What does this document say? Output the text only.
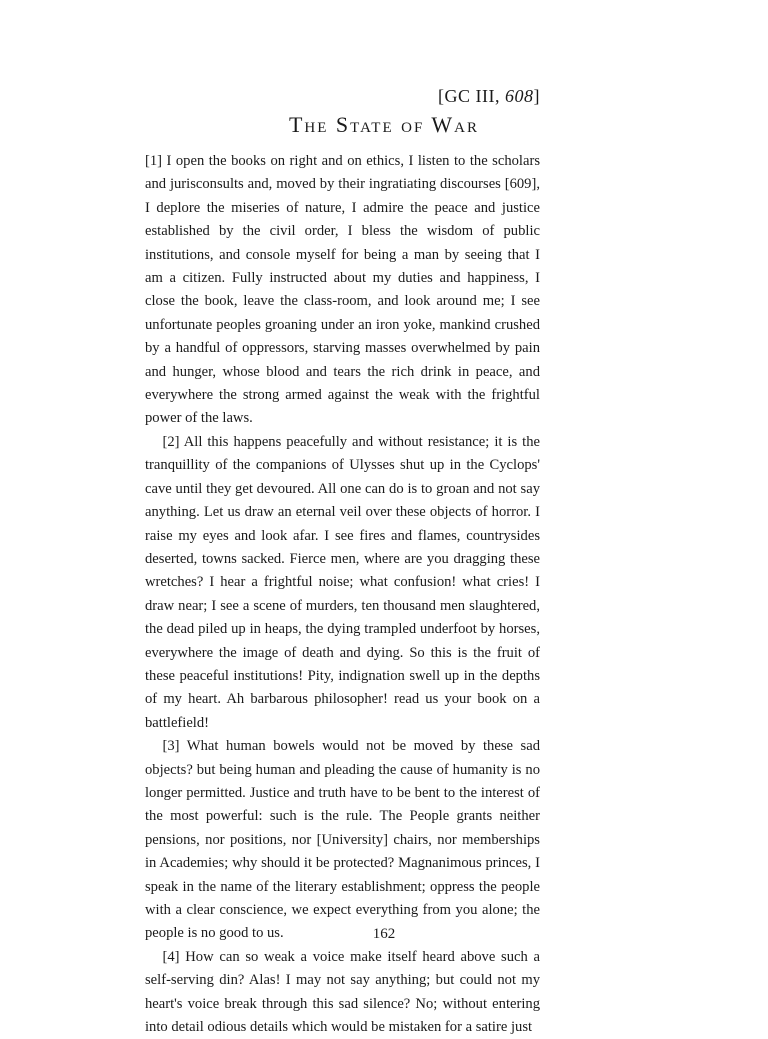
[GC III, 608]
The State of War

[1] I open the books on right and on ethics, I listen to the scholars and jurisconsults and, moved by their ingratiating discourses [609], I deplore the miseries of nature, I admire the peace and justice established by the civil order, I bless the wisdom of public institutions, and console myself for being a man by seeing that I am a citizen. Fully instructed about my duties and happiness, I close the book, leave the class-room, and look around me; I see unfortunate peoples groaning under an iron yoke, mankind crushed by a handful of oppressors, starving masses overwhelmed by pain and hunger, whose blood and tears the rich drink in peace, and everywhere the strong armed against the weak with the frightful power of the laws.

[2] All this happens peacefully and without resistance; it is the tranquillity of the companions of Ulysses shut up in the Cyclops' cave until they get devoured. All one can do is to groan and not say anything. Let us draw an eternal veil over these objects of horror. I raise my eyes and look afar. I see fires and flames, countrysides deserted, towns sacked. Fierce men, where are you dragging these wretches? I hear a frightful noise; what confusion! what cries! I draw near; I see a scene of murders, ten thousand men slaughtered, the dead piled up in heaps, the dying trampled underfoot by horses, everywhere the image of death and dying. So this is the fruit of these peaceful institutions! Pity, indignation swell up in the depths of my heart. Ah barbarous philosopher! read us your book on a battlefield!

[3] What human bowels would not be moved by these sad objects? but being human and pleading the cause of humanity is no longer permitted. Justice and truth have to be bent to the interest of the most powerful: such is the rule. The People grants neither pensions, nor positions, nor [University] chairs, nor memberships in Academies; why should it be protected? Magnanimous princes, I speak in the name of the literary establishment; oppress the people with a clear conscience, we expect everything from you alone; the people is no good to us.

[4] How can so weak a voice make itself heard above such a self-serving din? Alas! I may not say anything; but could not my heart's voice break through this sad silence? No; without entering into detail odious details which would be mistaken for a satire just

162
